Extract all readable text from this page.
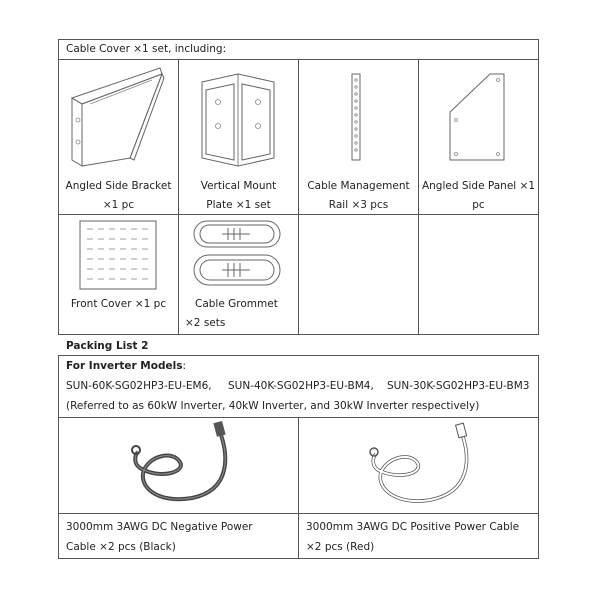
Cable Cover ×1 set, including:
Angled Side Bracket
×1 pc
Vertical Mount
Plate ×1 set
Cable Management
Rail ×3 pcs
Angled Side Panel ×1
pc
Front Cover ×1 pc	Cable Grommet
×2 sets
Packing List 2
For Inverter Models:
SUN-60K-SG02HP3-EU-EM6, SUN-40K-SG02HP3-EU-BM4, SUN-30K-SG02HP3-EU-BM3
(Referred to as 60kW Inverter, 40kW Inverter, and 30kW Inverter respectively)
3000mm 3AWG DC Negative Power
Cable ×2 pcs (Black)
3000mm 3AWG DC Positive Power Cable
×2 pcs (Red)
